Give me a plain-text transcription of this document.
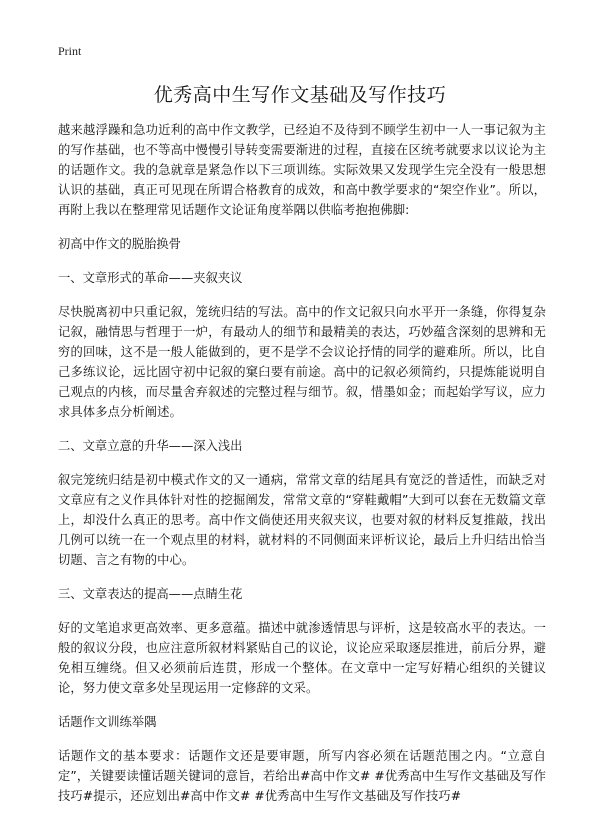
Print
优秀高中生写作文基础及写作技巧

越来越浮躁和急功近利的高中作文教学，已经迫不及待到不顾学生初中一人一事记叙为主的写作基础，也不等高中慢慢引导转变需要渐进的过程，直接在区统考就要求以议论为主的话题作文。我的急就章是紧急作以下三项训练。实际效果又发现学生完全没有一般思想认识的基础，真正可见现在所谓合格教育的成效，和高中教学要求的“架空作业”。所以，再附上我以在整理常见话题作文论证角度举隅以供临考抱抱佛脚:

初高中作文的脱胎换骨

一、文章形式的革命——夹叙夹议

尽快脱离初中只重记叙，笼统归结的写法。高中的作文记叙只向水平开一条缝，你得复杂记叙，融情思与哲理于一炉，有最动人的细节和最精美的表达，巧妙蕴含深刻的思辨和无穷的回味，这不是一般人能做到的，更不是学不会议论抒情的同学的避难所。所以，比自己多练议论，远比固守初中记叙的窠臼要有前途。高中的记叙必须简约，只提炼能说明自己观点的内核，而尽量舍弃叙述的完整过程与细节。叙，惜墨如金；而起始学写议，应力求具体多点分析阐述。

二、文章立意的升华——深入浅出

叙完笼统归结是初中模式作文的又一通病，常常文章的结尾具有宽泛的普适性，而缺乏对文章应有之义作具体针对性的挖掘阐发，常常文章的“穿鞋戴帽”大到可以套在无数篇文章上，却没什么真正的思考。高中作文倘使还用夹叙夹议，也要对叙的材料反复推敲，找出几例可以统一在一个观点里的材料，就材料的不同侧面来评析议论，最后上升归结出恰当切题、言之有物的中心。

三、文章表达的提高——点睛生花

好的文笔追求更高效率、更多意蕴。描述中就渗透情思与评析，这是较高水平的表达。一般的叙议分段，也应注意所叙材料紧贴自己的议论，议论应采取逐层推进，前后分界，避免相互缠绕。但又必须前后连贯，形成一个整体。在文章中一定写好精心组织的关键议论，努力使文章多处呈现运用一定修辞的文采。

话题作文训练举隅

话题作文的基本要求：话题作文还是要审题，所写内容必须在话题范围之内。“立意自定”，关键要读懂话题关键词的意旨，若给出#高中作文# #优秀高中生写作文基础及写作技巧#提示，还应划出#高中作文# #优秀高中生写作文基础及写作技巧#
